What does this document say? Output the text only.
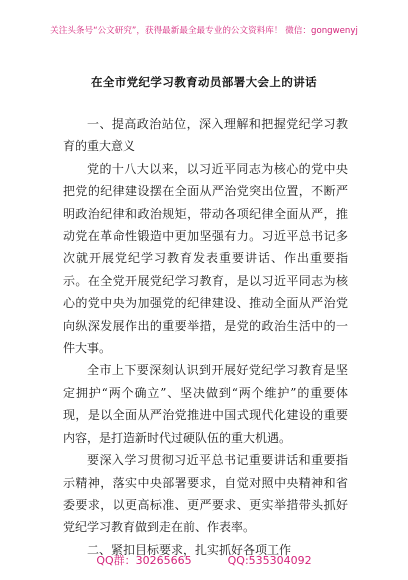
关注头条号“公文研究”，获得最新最全最专业的公文资料库！ 微信：gongwenyj
在全市党纪学习教育动员部署大会上的讲话

一、提高政治站位，深入理解和把握党纪学习教育的重大意义

党的十八大以来，以习近平同志为核心的党中央把党的纪律建设摆在全面从严治党突出位置，不断严明政治纪律和政治规矩，带动各项纪律全面从严，推动党在革命性锻造中更加坚强有力。习近平总书记多次就开展党纪学习教育发表重要讲话、作出重要指示。在全党开展党纪学习教育，是以习近平同志为核心的党中央为加强党的纪律建设、推动全面从严治党向纵深发展作出的重要举措，是党的政治生活中的一件大事。

全市上下要深刻认识到开展好党纪学习教育是坚定拥护“两个确立”、坚决做到“两个维护”的重要体现，是以全面从严治党推进中国式现代化建设的重要内容，是打造新时代过硬队伍的重大机遇。

要深入学习贯彻习近平总书记重要讲话和重要指示精神，落实中央部署要求，自觉对照中央精神和省委要求，以更高标准、更严要求、更实举措带头抓好党纪学习教育做到走在前、作表率。

二、紧扣目标要求，扎实抓好各项工作

QQ群：30265665	QQ:535304092
